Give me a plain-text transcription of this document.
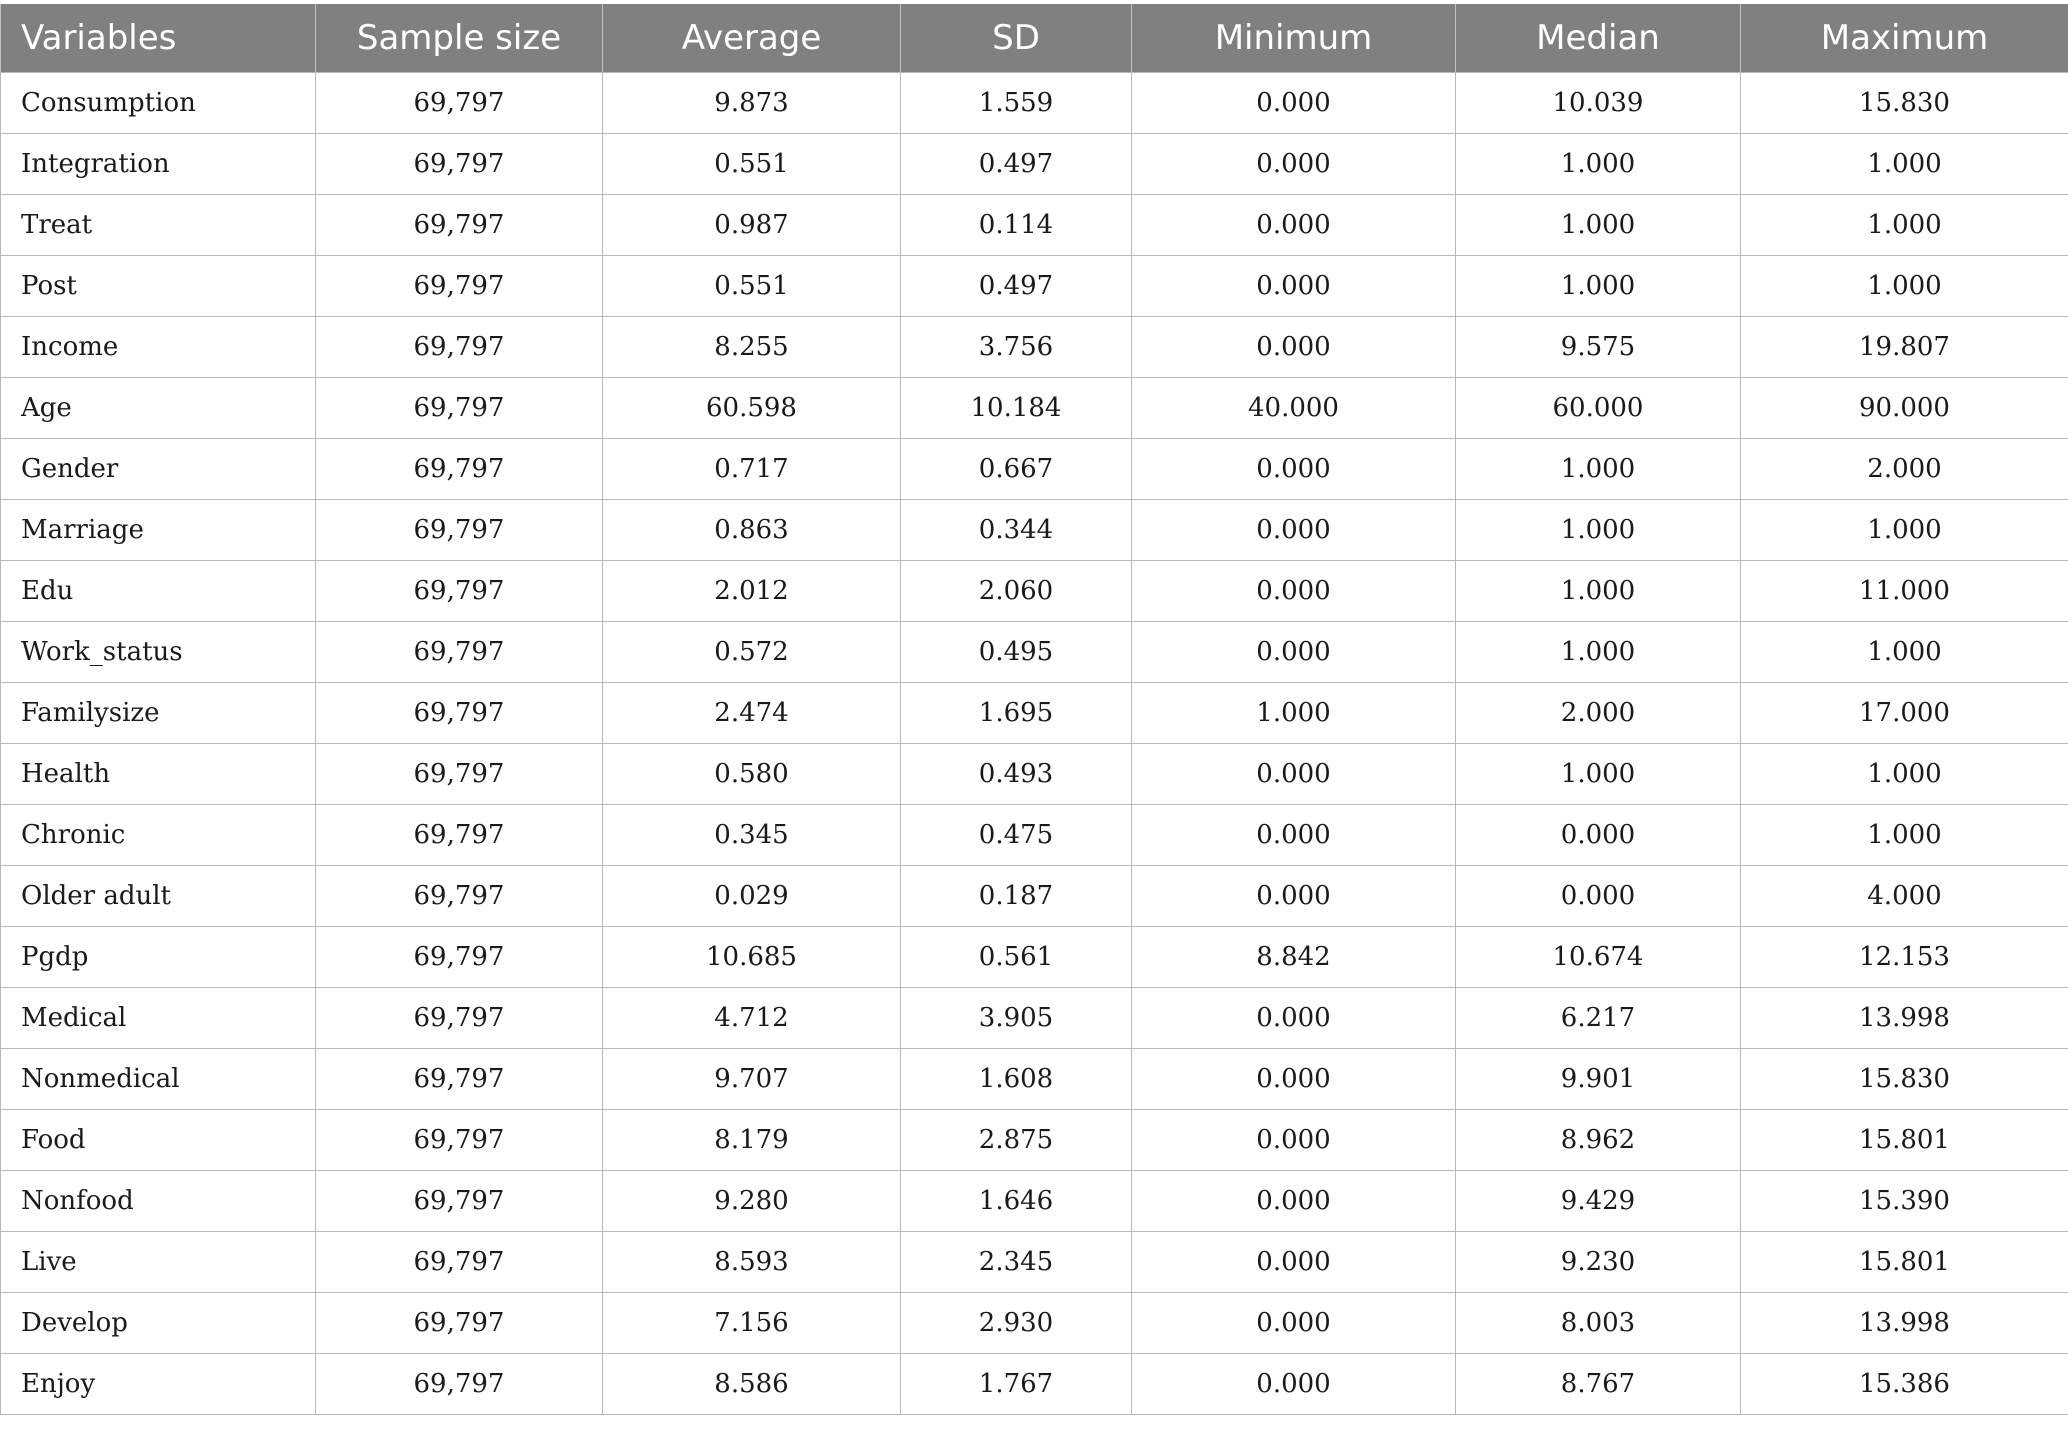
Variables	Sample size	Average	SD	Minimum	Median	Maximum
Consumption	69,797	9.873	1.559	0.000	10.039	15.830
Integration	69,797	0.551	0.497	0.000	1.000	1.000
Treat	69,797	0.987	0.114	0.000	1.000	1.000
Post	69,797	0.551	0.497	0.000	1.000	1.000
Income	69,797	8.255	3.756	0.000	9.575	19.807
Age	69,797	60.598	10.184	40.000	60.000	90.000
Gender	69,797	0.717	0.667	0.000	1.000	2.000
Marriage	69,797	0.863	0.344	0.000	1.000	1.000
Edu	69,797	2.012	2.060	0.000	1.000	11.000
Work_status	69,797	0.572	0.495	0.000	1.000	1.000
Familysize	69,797	2.474	1.695	1.000	2.000	17.000
Health	69,797	0.580	0.493	0.000	1.000	1.000
Chronic	69,797	0.345	0.475	0.000	0.000	1.000
Older adult	69,797	0.029	0.187	0.000	0.000	4.000
Pgdp	69,797	10.685	0.561	8.842	10.674	12.153
Medical	69,797	4.712	3.905	0.000	6.217	13.998
Nonmedical	69,797	9.707	1.608	0.000	9.901	15.830
Food	69,797	8.179	2.875	0.000	8.962	15.801
Nonfood	69,797	9.280	1.646	0.000	9.429	15.390
Live	69,797	8.593	2.345	0.000	9.230	15.801
Develop	69,797	7.156	2.930	0.000	8.003	13.998
Enjoy	69,797	8.586	1.767	0.000	8.767	15.386
